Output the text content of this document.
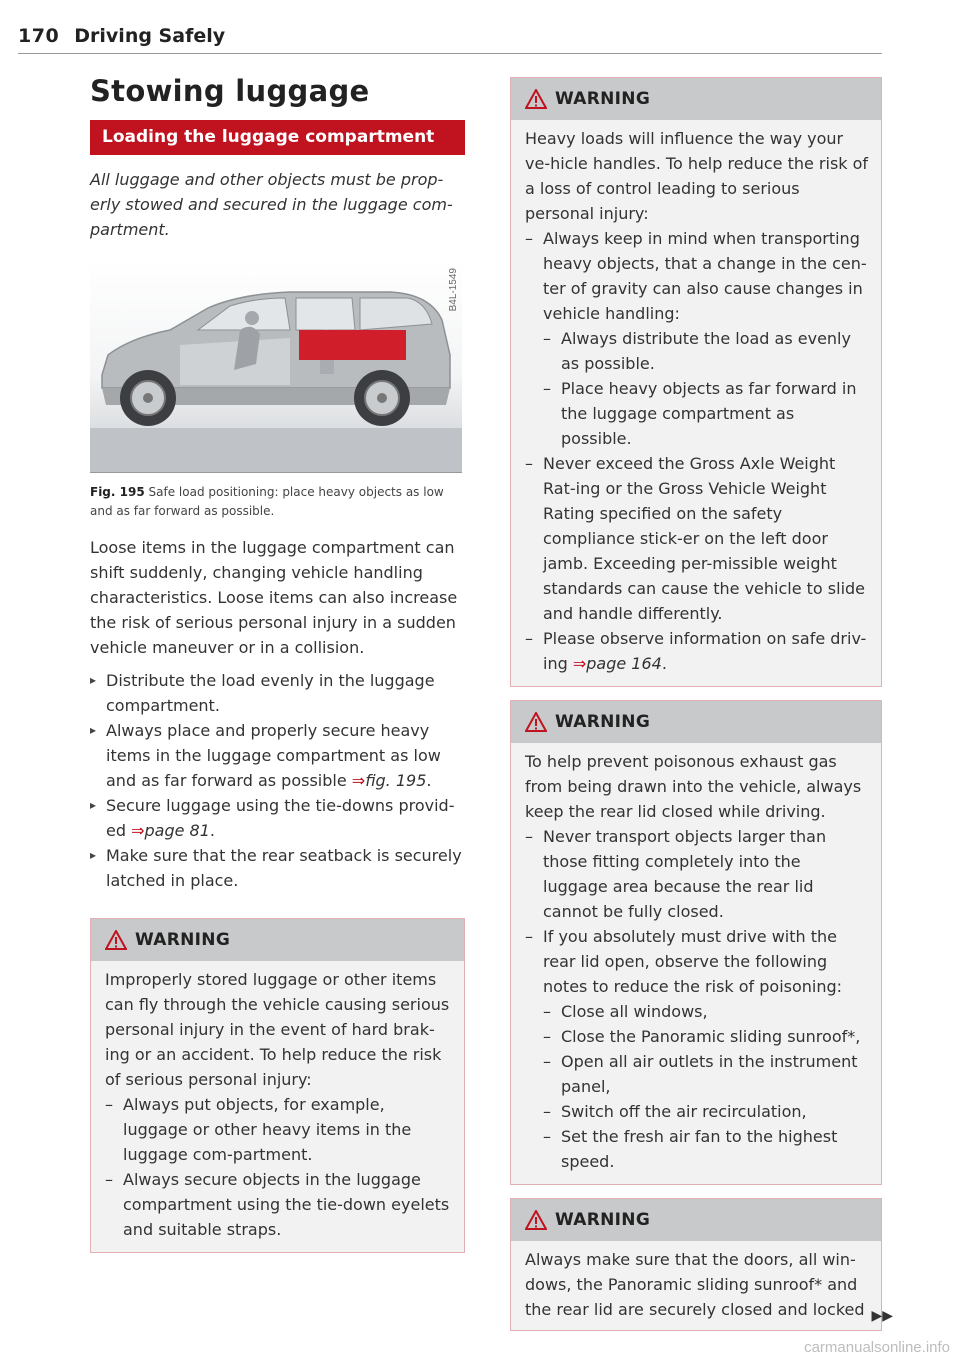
170 Driving Safely
Stowing luggage
Loading the luggage compartment

All luggage and other objects must be prop-erly stowed and secured in the luggage com-partment.

B4L-1549
Fig. 195 Safe load positioning: place heavy objects as low and as far forward as possible.

Loose items in the luggage compartment can shift suddenly, changing vehicle handling characteristics. Loose items can also increase the risk of serious personal injury in a sudden vehicle maneuver or in a collision.

▸ Distribute the load evenly in the luggage compartment.
▸ Always place and properly secure heavy items in the luggage compartment as low and as far forward as possible ⇒fig. 195.
▸ Secure luggage using the tie-downs provid-ed ⇒page 81.
▸ Make sure that the rear seatback is securely latched in place.
WARNING

Improperly stored luggage or other items can fly through the vehicle causing serious personal injury in the event of hard brak-ing or an accident. To help reduce the risk of serious personal injury:

– Always put objects, for example, luggage or other heavy items in the luggage com-partment.
– Always secure objects in the luggage compartment using the tie-down eyelets and suitable straps.
WARNING

Heavy loads will influence the way your ve-hicle handles. To help reduce the risk of a loss of control leading to serious personal injury:

– Always keep in mind when transporting heavy objects, that a change in the cen-ter of gravity can also cause changes in vehicle handling:
– Always distribute the load as evenly as possible.
– Place heavy objects as far forward in the luggage compartment as possible.
– Never exceed the Gross Axle Weight Rat-ing or the Gross Vehicle Weight Rating specified on the safety compliance stick-er on the left door jamb. Exceeding per-missible weight standards can cause the vehicle to slide and handle differently.
– Please observe information on safe driv-ing ⇒page 164.
WARNING

To help prevent poisonous exhaust gas from being drawn into the vehicle, always keep the rear lid closed while driving.

– Never transport objects larger than those fitting completely into the luggage area because the rear lid cannot be fully closed.
– If you absolutely must drive with the rear lid open, observe the following notes to reduce the risk of poisoning:
– Close all windows,
– Close the Panoramic sliding sunroof*,
– Open all air outlets in the instrument panel,
– Switch off the air recirculation,
– Set the fresh air fan to the highest speed.
WARNING

Always make sure that the doors, all win-dows, the Panoramic sliding sunroof* and the rear lid are securely closed and locked ▶▶
carmanualsonline.info
